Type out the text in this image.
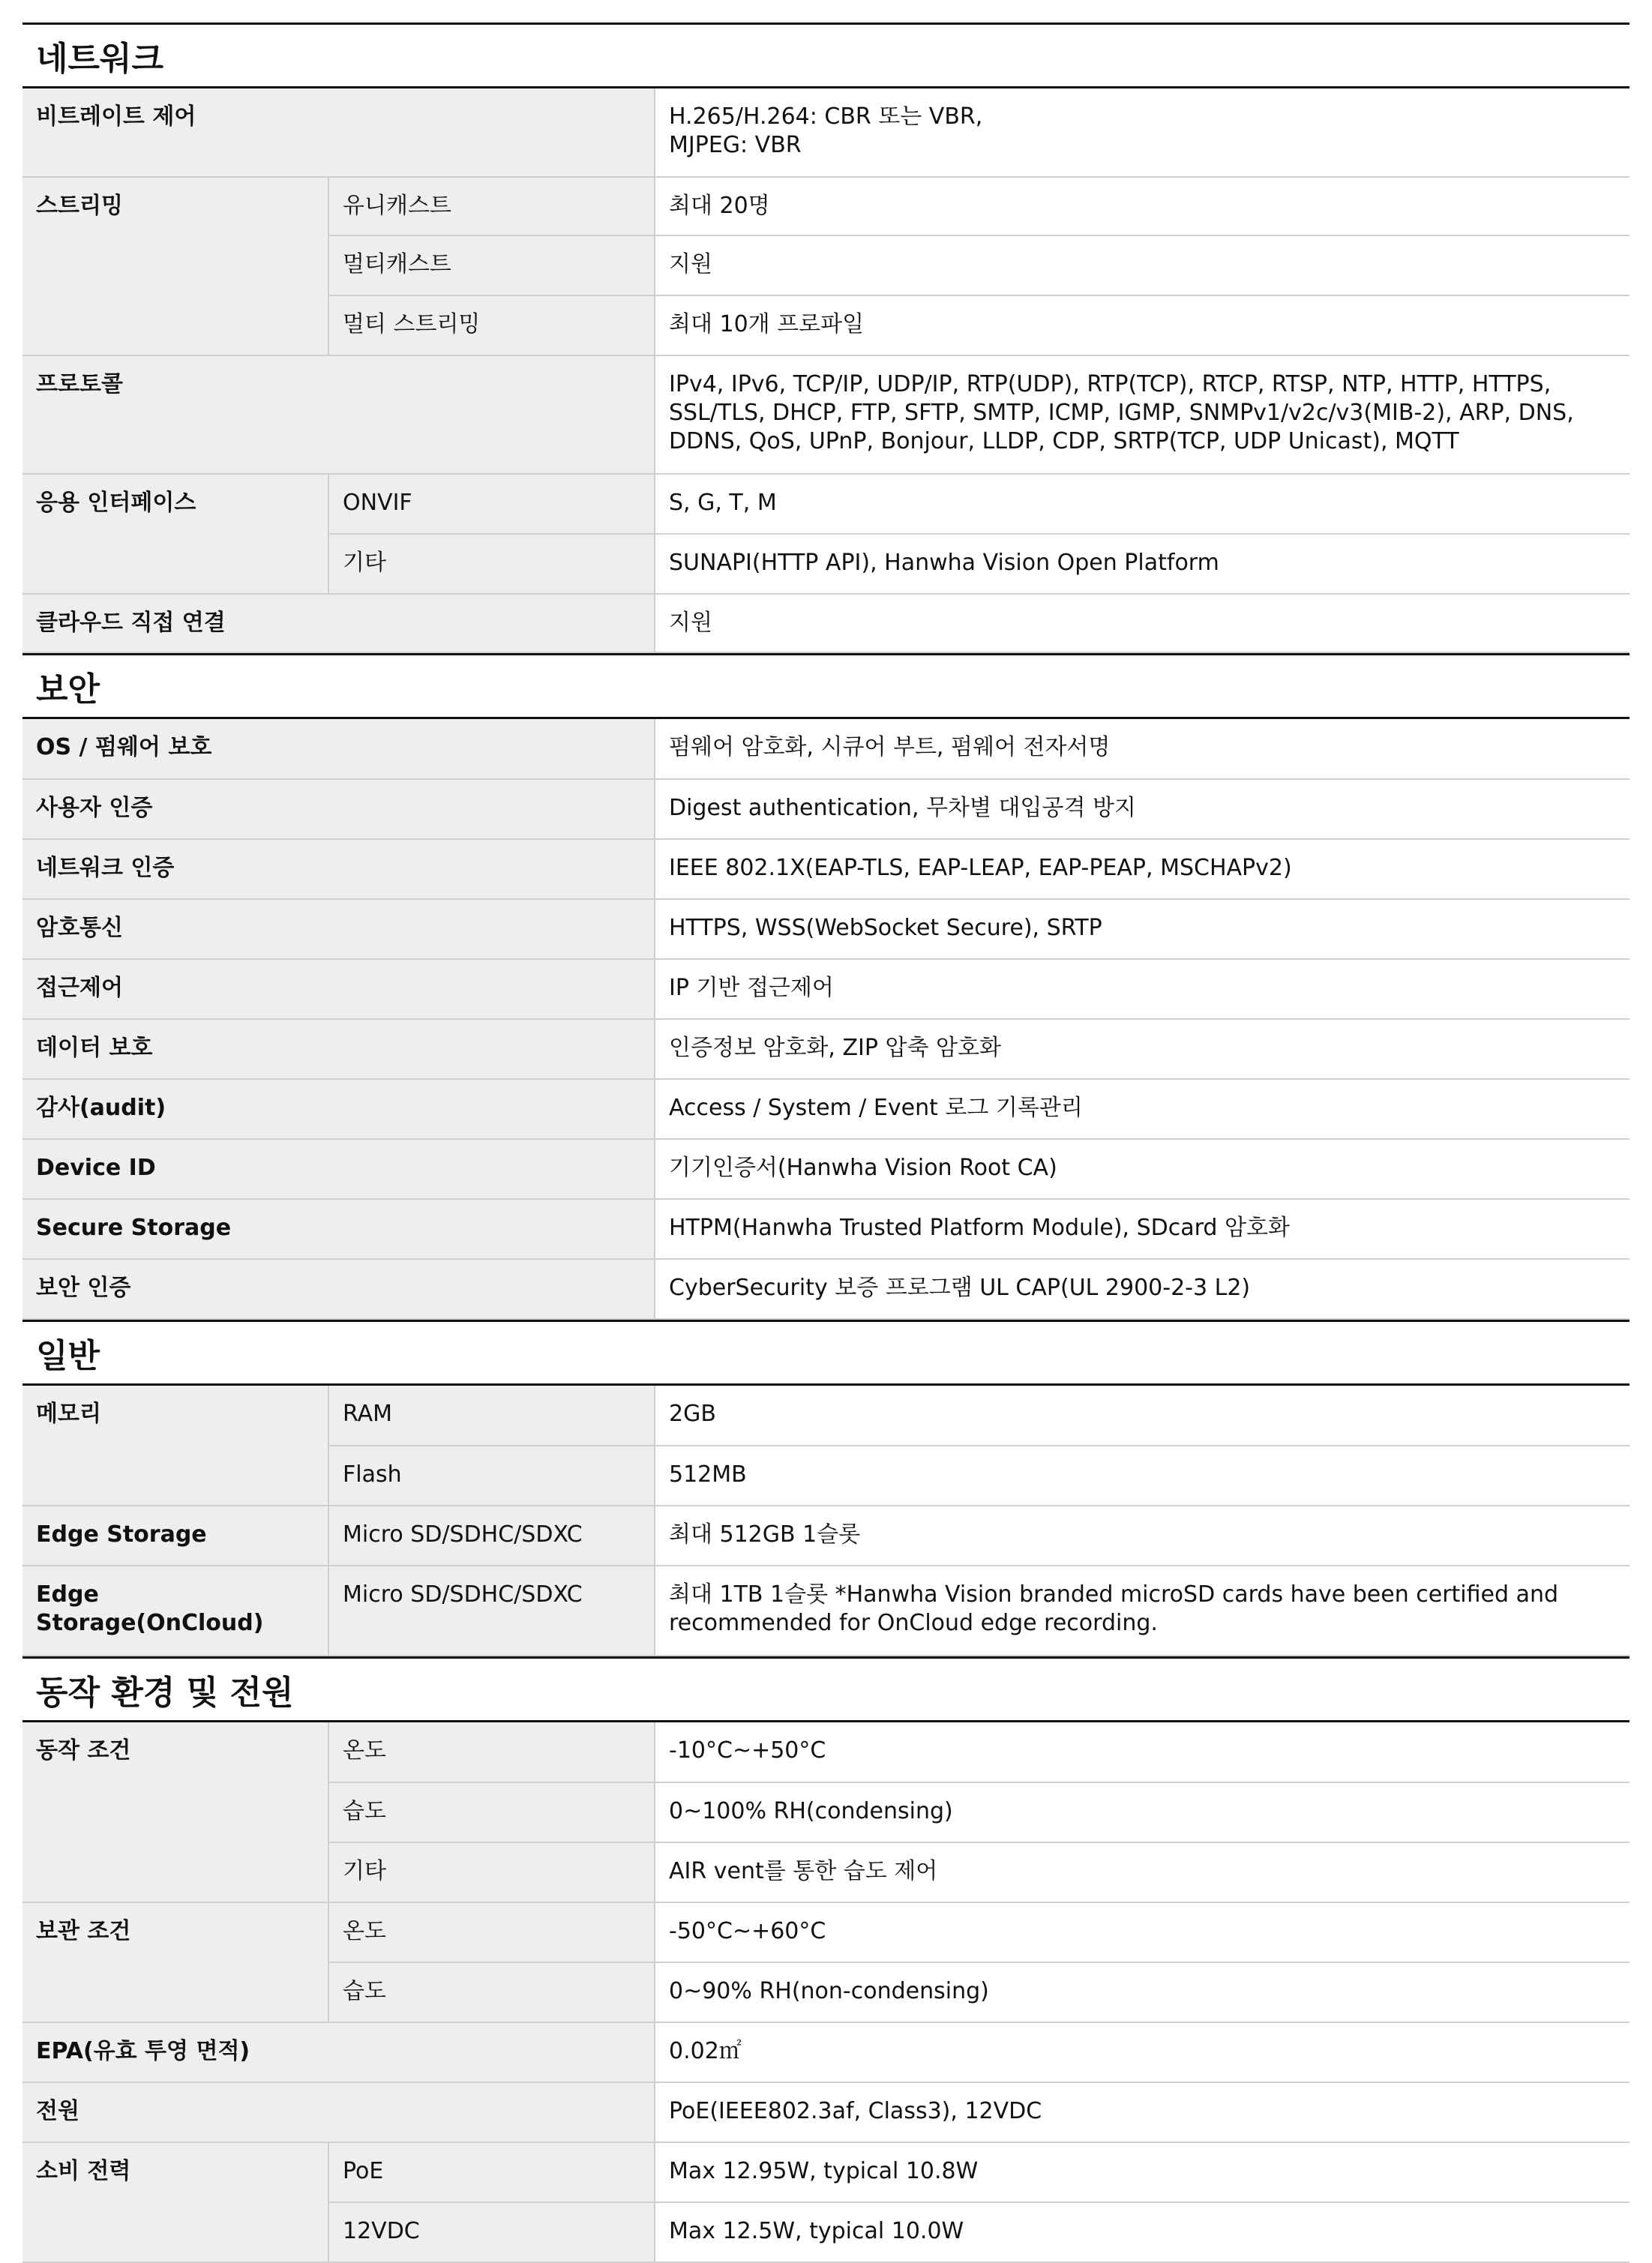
네트워크
비트레이트 제어		H.265/H.264: CBR 또는 VBR,
MJPEG: VBR

스트리밍	유니캐스트	최대 20명

	멀티캐스트	지원

	멀티 스트리밍	최대 10개 프로파일

프로토콜		IPv4, IPv6, TCP/IP, UDP/IP, RTP(UDP), RTP(TCP), RTCP, RTSP, NTP, HTTP, HTTPS,
SSL/TLS, DHCP, FTP, SFTP, SMTP, ICMP, IGMP, SNMPv1/v2c/v3(MIB-2), ARP, DNS,
DDNS, QoS, UPnP, Bonjour, LLDP, CDP, SRTP(TCP, UDP Unicast), MQTT

응용 인터페이스	ONVIF	S, G, T, M

	기타	SUNAPI(HTTP API), Hanwha Vision Open Platform

클라우드 직접 연결		지원
보안
OS / 펌웨어 보호	펌웨어 암호화, 시큐어 부트, 펌웨어 전자서명

사용자 인증	Digest authentication, 무차별 대입공격 방지

네트워크 인증	IEEE 802.1X(EAP-TLS, EAP-LEAP, EAP-PEAP, MSCHAPv2)

암호통신	HTTPS, WSS(WebSocket Secure), SRTP

접근제어	IP 기반 접근제어

데이터 보호	인증정보 암호화, ZIP 압축 암호화

감사(audit)	Access / System / Event 로그 기록관리

Device ID	기기인증서(Hanwha Vision Root CA)

Secure Storage	HTPM(Hanwha Trusted Platform Module), SDcard 암호화

보안 인증	CyberSecurity 보증 프로그램 UL CAP(UL 2900-2-3 L2)
일반
메모리	RAM	2GB

	Flash	512MB

Edge Storage	Micro SD/SDHC/SDXC	최대 512GB 1슬롯

Edge Storage(OnCloud)	Micro SD/SDHC/SDXC	최대 1TB 1슬롯 *Hanwha Vision branded microSD cards have been certified and
recommended for OnCloud edge recording.
동작 환경 및 전원
동작 조건	온도	-10°C~+50°C

	습도	0~100% RH(condensing)

	기타	AIR vent를 통한 습도 제어

보관 조건	온도	-50°C~+60°C

	습도	0~90% RH(non-condensing)

EPA(유효 투영 면적)		0.02㎡

전원		PoE(IEEE802.3af, Class3), 12VDC

소비 전력	PoE	Max 12.95W, typical 10.8W

	12VDC	Max 12.5W, typical 10.0W
